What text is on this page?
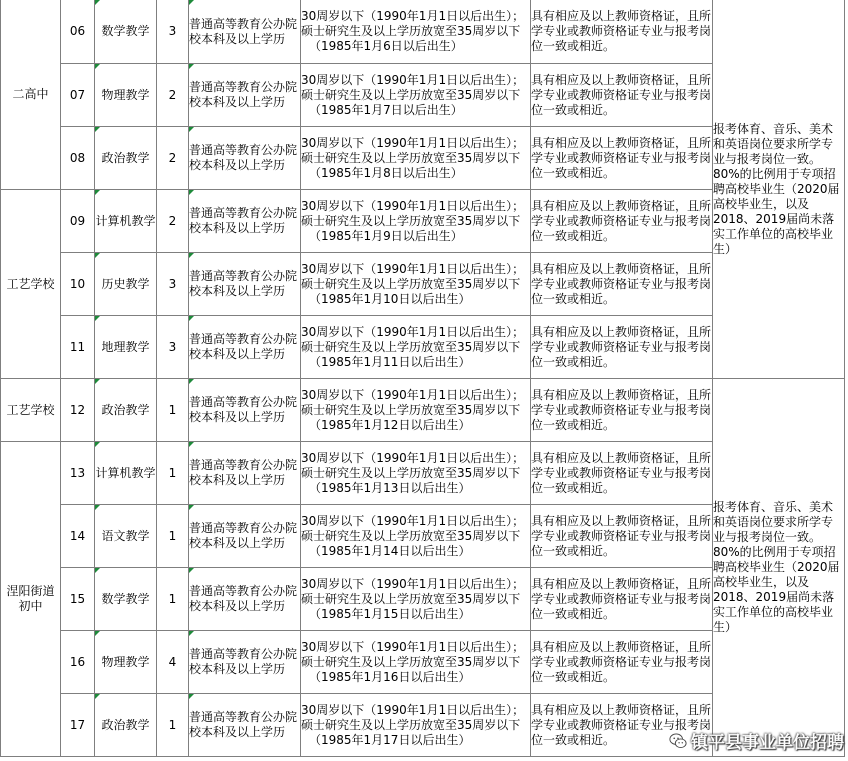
二高中	06	数学教学	3	普通高等教育公办院校本科及以上学历	30周岁以下（1990年1月1日以后出生）；
硕士研究生及以上学历放宽至35周岁以下
（1985年1月6日以后出生）	具有相应及以上教师资格证，且所学专业或教师资格证专业与报考岗位一致或相近。	报考体育、音乐、美术和英语岗位要求所学专业与报考岗位一致。80%的比例用于专项招聘高校毕业生（2020届高校毕业生，以及2018、2019届尚未落实工作单位的高校毕业生）
	07	物理教学	2	普通高等教育公办院校本科及以上学历	30周岁以下（1990年1月1日以后出生）；
硕士研究生及以上学历放宽至35周岁以下
（1985年1月7日以后出生）	具有相应及以上教师资格证，且所学专业或教师资格证专业与报考岗位一致或相近。	
	08	政治教学	2	普通高等教育公办院校本科及以上学历	30周岁以下（1990年1月1日以后出生）；
硕士研究生及以上学历放宽至35周岁以下
（1985年1月8日以后出生）	具有相应及以上教师资格证，且所学专业或教师资格证专业与报考岗位一致或相近。	
工艺学校	09	计算机教学	2	普通高等教育公办院校本科及以上学历	30周岁以下（1990年1月1日以后出生）；
硕士研究生及以上学历放宽至35周岁以下
（1985年1月9日以后出生）	具有相应及以上教师资格证，且所学专业或教师资格证专业与报考岗位一致或相近。	
	10	历史教学	3	普通高等教育公办院校本科及以上学历	30周岁以下（1990年1月1日以后出生）；
硕士研究生及以上学历放宽至35周岁以下
（1985年1月10日以后出生）	具有相应及以上教师资格证，且所学专业或教师资格证专业与报考岗位一致或相近。	
	11	地理教学	3	普通高等教育公办院校本科及以上学历	30周岁以下（1990年1月1日以后出生）；
硕士研究生及以上学历放宽至35周岁以下
（1985年1月11日以后出生）	具有相应及以上教师资格证，且所学专业或教师资格证专业与报考岗位一致或相近。	
工艺学校	12	政治教学	1	普通高等教育公办院校本科及以上学历	30周岁以下（1990年1月1日以后出生）；
硕士研究生及以上学历放宽至35周岁以下
（1985年1月12日以后出生）	具有相应及以上教师资格证，且所学专业或教师资格证专业与报考岗位一致或相近。	报考体育、音乐、美术和英语岗位要求所学专业与报考岗位一致。80%的比例用于专项招聘高校毕业生（2020届高校毕业生，以及2018、2019届尚未落实工作单位的高校毕业生）
涅阳街道初中	13	计算机教学	1	普通高等教育公办院校本科及以上学历	30周岁以下（1990年1月1日以后出生）；
硕士研究生及以上学历放宽至35周岁以下
（1985年1月13日以后出生）	具有相应及以上教师资格证，且所学专业或教师资格证专业与报考岗位一致或相近。	
	14	语文教学	1	普通高等教育公办院校本科及以上学历	30周岁以下（1990年1月1日以后出生）；
硕士研究生及以上学历放宽至35周岁以下
（1985年1月14日以后出生）	具有相应及以上教师资格证，且所学专业或教师资格证专业与报考岗位一致或相近。	
	15	数学教学	1	普通高等教育公办院校本科及以上学历	30周岁以下（1990年1月1日以后出生）；
硕士研究生及以上学历放宽至35周岁以下
（1985年1月15日以后出生）	具有相应及以上教师资格证，且所学专业或教师资格证专业与报考岗位一致或相近。	
	16	物理教学	4	普通高等教育公办院校本科及以上学历	30周岁以下（1990年1月1日以后出生）；
硕士研究生及以上学历放宽至35周岁以下
（1985年1月16日以后出生）	具有相应及以上教师资格证，且所学专业或教师资格证专业与报考岗位一致或相近。	
	17	政治教学	1	普通高等教育公办院校本科及以上学历	30周岁以下（1990年1月1日以后出生）；
硕士研究生及以上学历放宽至35周岁以下
（1985年1月17日以后出生）	具有相应及以上教师资格证，且所学专业或教师资格证专业与报考岗位一致或相近。		镇平县事业单位招聘
